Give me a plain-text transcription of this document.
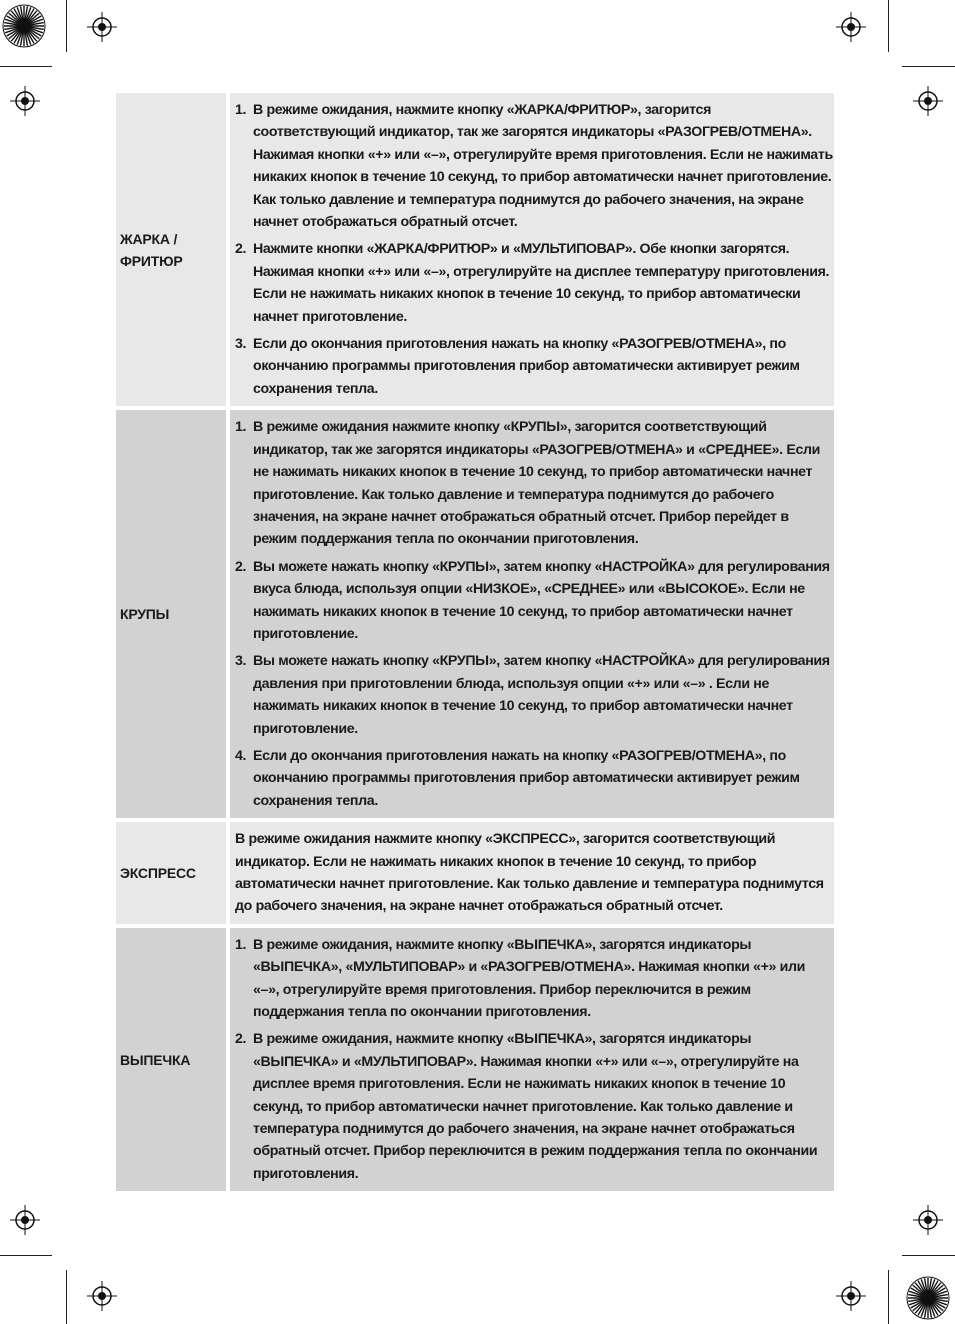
ЖАРКА / ФРИТЮР
1. В режиме ожидания, нажмите кнопку «ЖАРКА/ФРИТЮР», загорится соответствующий индикатор, так же загорятся индикаторы «РАЗОГРЕВ/ОТМЕНА». Нажимая кнопки «+» или «–», отрегулируйте время приготовления. Если не нажимать никаких кнопок в течение 10 секунд, то прибор автоматически начнет приготовление. Как только давление и температура поднимутся до рабочего значения, на экране начнет отображаться обратный отсчет.
2. Нажмите кнопки «ЖАРКА/ФРИТЮР» и «МУЛЬТИПОВАР». Обе кнопки загорятся. Нажимая кнопки «+» или «–», отрегулируйте на дисплее температуру приготовления. Если не нажимать никаких кнопок в течение 10 секунд, то прибор автоматически начнет приготовление.
3. Если до окончания приготовления нажать на кнопку «РАЗОГРЕВ/ОТМЕНА», по окончанию программы приготовления прибор автоматически активирует режим сохранения тепла.
КРУПЫ
1. В режиме ожидания нажмите кнопку «КРУПЫ», загорится соответствующий индикатор, так же загорятся индикаторы «РАЗОГРЕВ/ОТМЕНА» и «СРЕДНЕЕ». Если не нажимать никаких кнопок в течение 10 секунд, то прибор автоматически начнет приготовление. Как только давление и температура поднимутся до рабочего значения, на экране начнет отображаться обратный отсчет. Прибор перейдет в режим поддержания тепла по окончании приготовления.
2. Вы можете нажать кнопку «КРУПЫ», затем кнопку «НАСТРОЙКА» для регулирования вкуса блюда, используя опции «НИЗКОЕ», «СРЕДНЕЕ» или «ВЫСОКОЕ». Если не нажимать никаких кнопок в течение 10 секунд, то прибор автоматически начнет приготовление.
3. Вы можете нажать кнопку «КРУПЫ», затем кнопку «НАСТРОЙКА» для регулирования давления при приготовлении блюда, используя опции «+» или «–» . Если не нажимать никаких кнопок в течение 10 секунд, то прибор автоматически начнет приготовление.
4. Если до окончания приготовления нажать на кнопку «РАЗОГРЕВ/ОТМЕНА», по окончанию программы приготовления прибор автоматически активирует режим сохранения тепла.
ЭКСПРЕСС

В режиме ожидания нажмите кнопку «ЭКСПРЕСС», загорится соответствующий индикатор. Если не нажимать никаких кнопок в течение 10 секунд, то прибор автоматически начнет приготовление. Как только давление и температура поднимутся до рабочего значения, на экране начнет отображаться обратный отсчет.

ВЫПЕЧКА
1. В режиме ожидания, нажмите кнопку «ВЫПЕЧКА», загорятся индикаторы «ВЫПЕЧКА», «МУЛЬТИПОВАР» и «РАЗОГРЕВ/ОТМЕНА». Нажимая кнопки «+» или «–», отрегулируйте время приготовления. Прибор переключится в режим поддержания тепла по окончании приготовления.
2. В режиме ожидания, нажмите кнопку «ВЫПЕЧКА», загорятся индикаторы «ВЫПЕЧКА» и «МУЛЬТИПОВАР». Нажимая кнопки «+» или «–», отрегулируйте на дисплее время приготовления. Если не нажимать никаких кнопок в течение 10 секунд, то прибор автоматически начнет приготовление. Как только давление и температура поднимутся до рабочего значения, на экране начнет отображаться обратный отсчет. Прибор переключится в режим поддержания тепла по окончании приготовления.
